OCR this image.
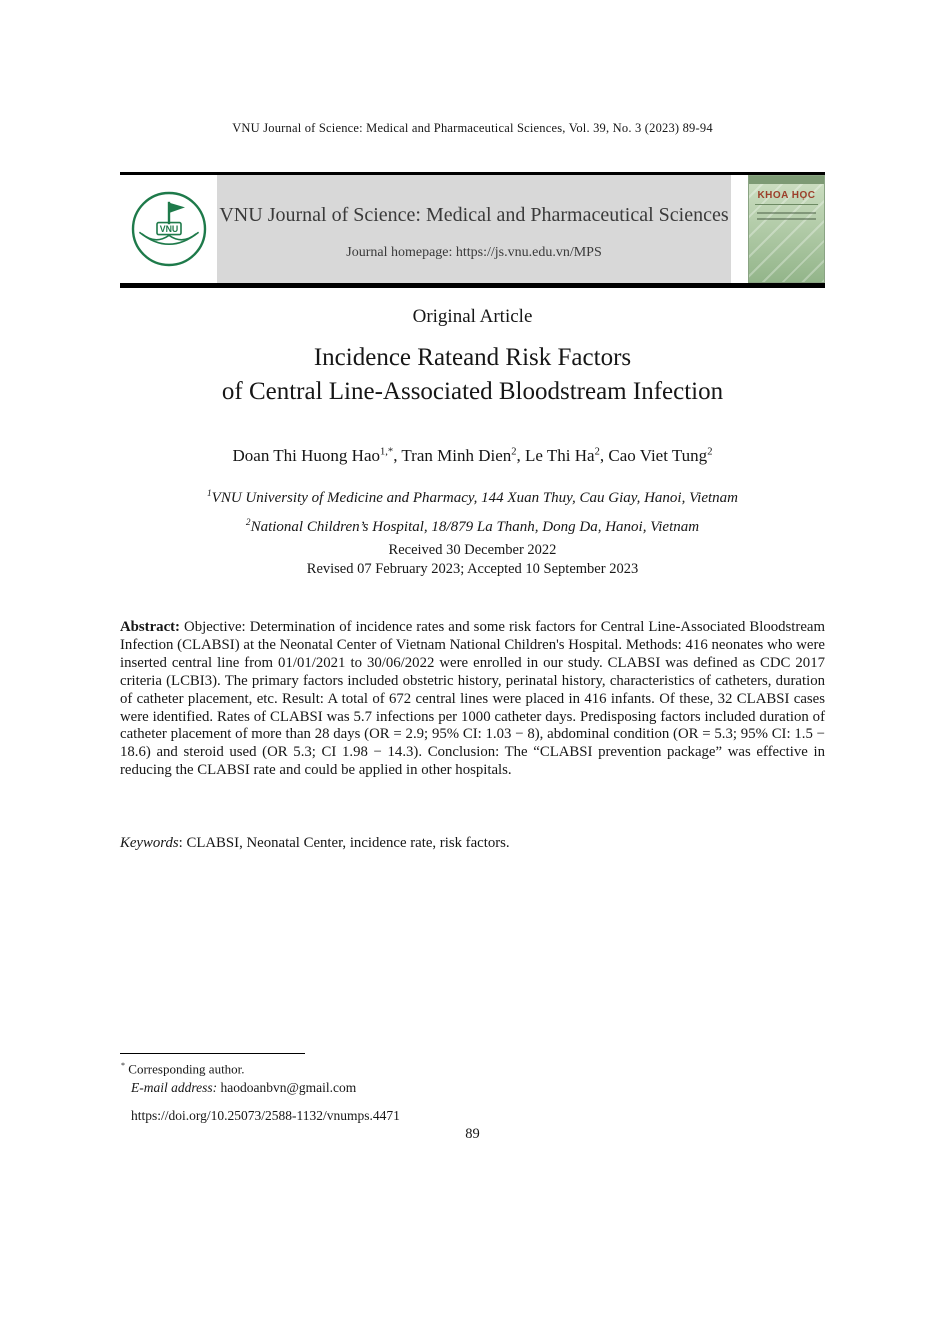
VNU Journal of Science: Medical and Pharmaceutical Sciences, Vol. 39, No. 3 (2023) 89-94
VNU
VNU Journal of Science: Medical and Pharmaceutical Sciences
Journal homepage: https://js.vnu.edu.vn/MPS
KHOA HỌC
Original Article
Incidence Rateand Risk Factors
of Central Line-Associated Bloodstream Infection
Doan Thi Huong Hao$^{1,*}$, Tran Minh Dien$^2$, Le Thi Ha$^2$, Cao Viet Tung$^2$
$^1$VNU University of Medicine and Pharmacy, 144 Xuan Thuy, Cau Giay, Hanoi, Vietnam
$^2$National Children’s Hospital, 18/879 La Thanh, Dong Da, Hanoi, Vietnam
Received 30 December 2022
Revised 07 February 2023; Accepted 10 September 2023

Abstract: Objective: Determination of incidence rates and some risk factors for Central Line-Associated Bloodstream Infection (CLABSI) at the Neonatal Center of Vietnam National Children's Hospital. Methods: 416 neonates who were inserted central line from 01/01/2021 to 30/06/2022 were enrolled in our study. CLABSI was defined as CDC 2017 criteria (LCBI3). The primary factors included obstetric history, perinatal history, characteristics of catheters, duration of catheter placement, etc. Result: A total of 672 central lines were placed in 416 infants. Of these, 32 CLABSI cases were identified. Rates of CLABSI was 5.7 infections per 1000 catheter days. Predisposing factors included duration of catheter placement of more than 28 days (OR = 2.9; 95% CI: 1.03 − 8), abdominal condition (OR = 5.3; 95% CI: 1.5 − 18.6) and steroid used (OR 5.3; CI 1.98 − 14.3). Conclusion: The “CLABSI prevention package” was effective in reducing the CLABSI rate and could be applied in other hospitals.

Keywords: CLABSI, Neonatal Center, incidence rate, risk factors.

* Corresponding author.
E-mail address: haodoanbvn@gmail.com
https://doi.org/10.25073/2588-1132/vnumps.4471
89
